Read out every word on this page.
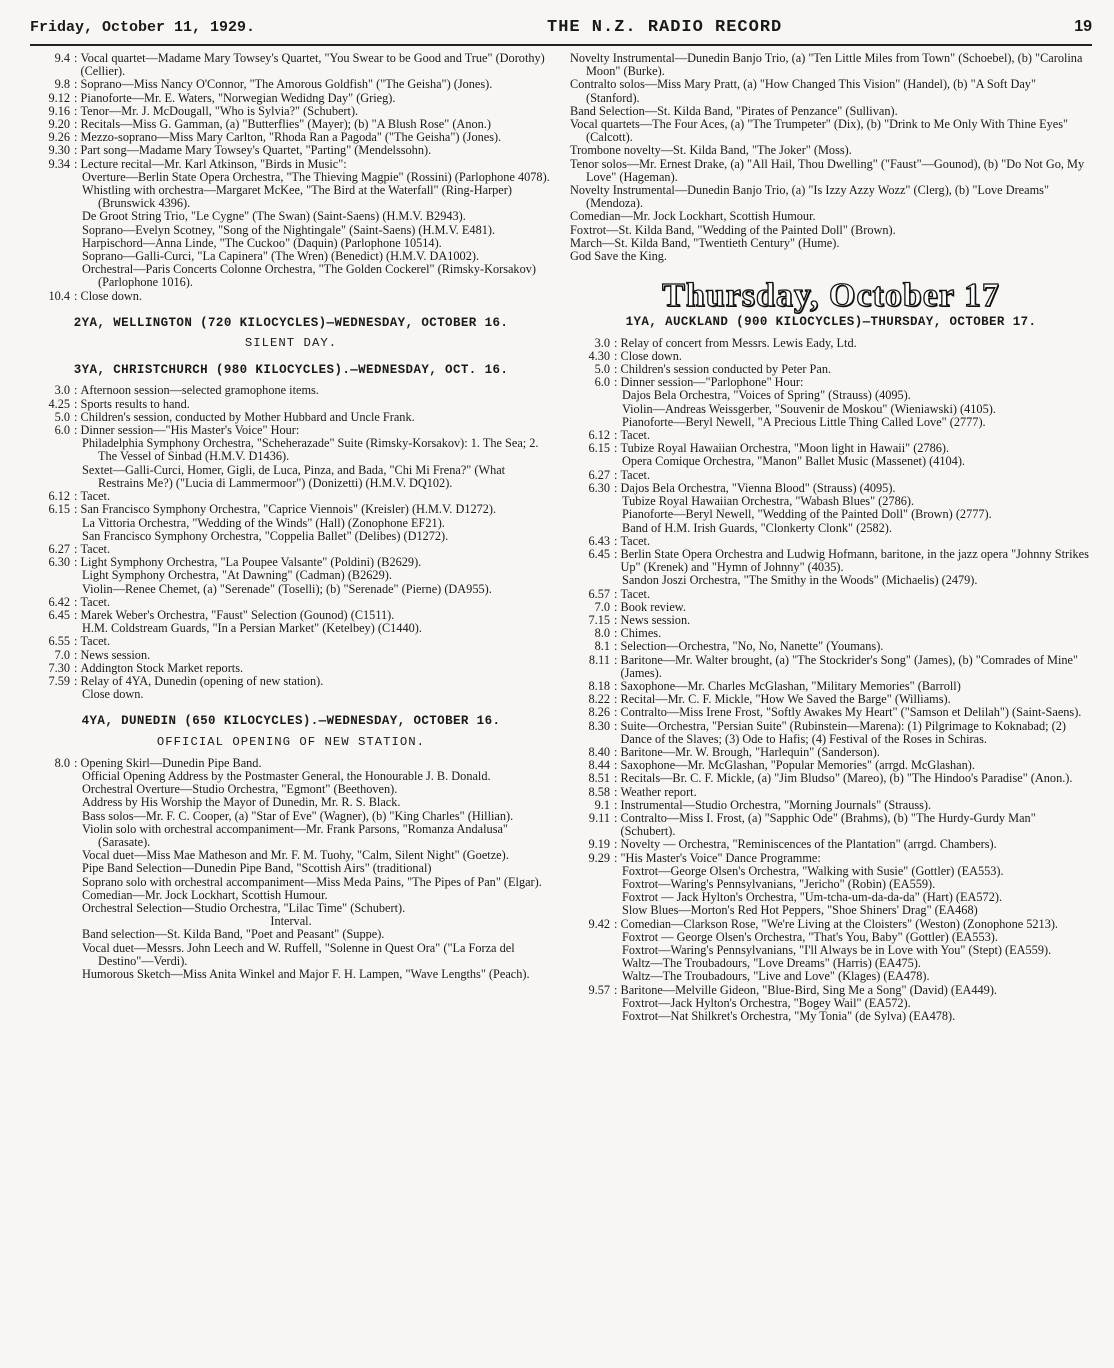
Friday, October 11, 1929.	THE N.Z. RADIO RECORD	19
9.4 : Vocal quartet—Madame Mary Towsey's Quartet, "You Swear to be Good and True" (Dorothy) (Cellier).
9.8 : Soprano—Miss Nancy O'Connor, "The Amorous Goldfish" ("The Geisha") (Jones).
9.12 : Pianoforte—Mr. E. Waters, "Norwegian Wedidng Day" (Grieg).
9.16 : Tenor—Mr. J. McDougall, "Who is Sylvia?" (Schubert).
9.20 : Recitals—Miss G. Gamman, (a) "Butterflies" (Mayer); (b) "A Blush Rose" (Anon.)
9.26 : Mezzo-soprano—Miss Mary Carlton, "Rhoda Ran a Pagoda" ("The Geisha") (Jones).
9.30 : Part song—Madame Mary Towsey's Quartet, "Parting" (Mendelssohn).
9.34 : Lecture recital—Mr. Karl Atkinson, "Birds in Music":
Overture—Berlin State Opera Orchestra, "The Thieving Magpie" (Rossini) (Parlophone 4078).
Whistling with orchestra—Margaret McKee, "The Bird at the Waterfall" (Ring-Harper) (Brunswick 4396).
De Groot String Trio, "Le Cygne" (The Swan) (Saint-Saens) (H.M.V. B2943).
Soprano—Evelyn Scotney, "Song of the Nightingale" (Saint-Saens) (H.M.V. E481).
Harpischord—Anna Linde, "The Cuckoo" (Daquin) (Parlophone 10514).
Soprano—Galli-Curci, "La Capinera" (The Wren) (Benedict) (H.M.V. DA1002).
Orchestral—Paris Concerts Colonne Orchestra, "The Golden Cockerel" (Rimsky-Korsakov) (Parlophone 1016).
10.4 : Close down.
2YA, WELLINGTON (720 KILOCYCLES)—WEDNESDAY, OCTOBER 16.
SILENT DAY.
3YA, CHRISTCHURCH (980 KILOCYCLES).—WEDNESDAY, OCT. 16.
3.0 : Afternoon session—selected gramophone items.
4.25 : Sports results to hand.
5.0 : Children's session, conducted by Mother Hubbard and Uncle Frank.
6.0 : Dinner session—"His Master's Voice" Hour:
Philadelphia Symphony Orchestra, "Scheherazade" Suite (Rimsky-Korsakov): 1. The Sea; 2. The Vessel of Sinbad (H.M.V. D1436).
Sextet—Galli-Curci, Homer, Gigli, de Luca, Pinza, and Bada, "Chi Mi Frena?" (What Restrains Me?) ("Lucia di Lammermoor") (Donizetti) (H.M.V. DQ102).
6.12 : Tacet.
6.15 : San Francisco Symphony Orchestra, "Caprice Viennois" (Kreisler) (H.M.V. D1272).
La Vittoria Orchestra, "Wedding of the Winds" (Hall) (Zonophone EF21).
San Francisco Symphony Orchestra, "Coppelia Ballet" (Delibes) (D1272).
6.27 : Tacet.
6.30 : Light Symphony Orchestra, "La Poupee Valsante" (Poldini) (B2629).
Light Symphony Orchestra, "At Dawning" (Cadman) (B2629).
Violin—Renee Chemet, (a) "Serenade" (Toselli); (b) "Serenade" (Pierne) (DA955).
6.42 : Tacet.
6.45 : Marek Weber's Orchestra, "Faust" Selection (Gounod) (C1511).
H.M. Coldstream Guards, "In a Persian Market" (Ketelbey) (C1440).
6.55 : Tacet.
7.0 : News session.
7.30 : Addington Stock Market reports.
7.59 : Relay of 4YA, Dunedin (opening of new station).
Close down.
4YA, DUNEDIN (650 KILOCYCLES).—WEDNESDAY, OCTOBER 16.
OFFICIAL OPENING OF NEW STATION.
8.0 : Opening Skirl—Dunedin Pipe Band.
Official Opening Address by the Postmaster General, the Honourable J. B. Donald.
Orchestral Overture—Studio Orchestra, "Egmont" (Beethoven).
Address by His Worship the Mayor of Dunedin, Mr. R. S. Black.
Bass solos—Mr. F. C. Cooper, (a) "Star of Eve" (Wagner), (b) "King Charles" (Hillian).
Violin solo with orchestral accompaniment—Mr. Frank Parsons, "Romanza Andalusa" (Sarasate).
Vocal duet—Miss Mae Matheson and Mr. F. M. Tuohy, "Calm, Silent Night" (Goetze).
Pipe Band Selection—Dunedin Pipe Band, "Scottish Airs" (traditional)
Soprano solo with orchestral accompaniment—Miss Meda Pains, "The Pipes of Pan" (Elgar).
Comedian—Mr. Jock Lockhart, Scottish Humour.
Orchestral Selection—Studio Orchestra, "Lilac Time" (Schubert).
Interval.
Band selection—St. Kilda Band, "Poet and Peasant" (Suppe).
Vocal duet—Messrs. John Leech and W. Ruffell, "Solenne in Quest Ora" ("La Forza del Destino"—Verdi).
Humorous Sketch—Miss Anita Winkel and Major F. H. Lampen, "Wave Lengths" (Peach).
Novelty Instrumental—Dunedin Banjo Trio, (a) "Ten Little Miles from Town" (Schoebel), (b) "Carolina Moon" (Burke).
Contralto solos—Miss Mary Pratt, (a) "How Changed This Vision" (Handel), (b) "A Soft Day" (Stanford).
Band Selection—St. Kilda Band, "Pirates of Penzance" (Sullivan).
Vocal quartets—The Four Aces, (a) "The Trumpeter" (Dix), (b) "Drink to Me Only With Thine Eyes" (Calcott).
Trombone novelty—St. Kilda Band, "The Joker" (Moss).
Tenor solos—Mr. Ernest Drake, (a) "All Hail, Thou Dwelling" ("Faust"—Gounod), (b) "Do Not Go, My Love" (Hageman).
Novelty Instrumental—Dunedin Banjo Trio, (a) "Is Izzy Azzy Wozz" (Clerg), (b) "Love Dreams" (Mendoza).
Comedian—Mr. Jock Lockhart, Scottish Humour.
Foxtrot—St. Kilda Band, "Wedding of the Painted Doll" (Brown).
March—St. Kilda Band, "Twentieth Century" (Hume).
God Save the King.
Thursday, October 17
1YA, AUCKLAND (900 KILOCYCLES)—THURSDAY, OCTOBER 17.
3.0 : Relay of concert from Messrs. Lewis Eady, Ltd.
4.30 : Close down.
5.0 : Children's session conducted by Peter Pan.
6.0 : Dinner session—"Parlophone" Hour:
Dajos Bela Orchestra, "Voices of Spring" (Strauss) (4095).
Violin—Andreas Weissgerber, "Souvenir de Moskou" (Wieniawski) (4105).
Pianoforte—Beryl Newell, "A Precious Little Thing Called Love" (2777).
6.12 : Tacet.
6.15 : Tubize Royal Hawaiian Orchestra, "Moon light in Hawaii" (2786).
Opera Comique Orchestra, "Manon" Ballet Music (Massenet) (4104).
6.27 : Tacet.
6.30 : Dajos Bela Orchestra, "Vienna Blood" (Strauss) (4095).
Tubize Royal Hawaiian Orchestra, "Wabash Blues" (2786).
Pianoforte—Beryl Newell, "Wedding of the Painted Doll" (Brown) (2777).
Band of H.M. Irish Guards, "Clonkerty Clonk" (2582).
6.43 : Tacet.
6.45 : Berlin State Opera Orchestra and Ludwig Hofmann, baritone, in the jazz opera "Johnny Strikes Up" (Krenek) and "Hymn of Johnny" (4035).
Sandon Joszi Orchestra, "The Smithy in the Woods" (Michaelis) (2479).
6.57 : Tacet.
7.0 : Book review.
7.15 : News session.
8.0 : Chimes.
8.1 : Selection—Orchestra, "No, No, Nanette" (Youmans).
8.11 : Baritone—Mr. Walter brought, (a) "The Stockrider's Song" (James), (b) "Comrades of Mine" (James).
8.18 : Saxophone—Mr. Charles McGlashan, "Military Memories" (Barroll)
8.22 : Recital—Mr. C. F. Mickle, "How We Saved the Barge" (Williams).
8.26 : Contralto—Miss Irene Frost, "Softly Awakes My Heart" ("Samson et Delilah") (Saint-Saens).
8.30 : Suite—Orchestra, "Persian Suite" (Rubinstein—Marena): (1) Pilgrimage to Koknabad; (2) Dance of the Slaves; (3) Ode to Hafis; (4) Festival of the Roses in Schiras.
8.40 : Baritone—Mr. W. Brough, "Harlequin" (Sanderson).
8.44 : Saxophone—Mr. McGlashan, "Popular Memories" (arrgd. McGlashan).
8.51 : Recitals—Br. C. F. Mickle, (a) "Jim Bludso" (Mareo), (b) "The Hindoo's Paradise" (Anon.).
8.58 : Weather report.
9.1 : Instrumental—Studio Orchestra, "Morning Journals" (Strauss).
9.11 : Contralto—Miss I. Frost, (a) "Sapphic Ode" (Brahms), (b) "The Hurdy-Gurdy Man" (Schubert).
9.19 : Novelty — Orchestra, "Reminiscences of the Plantation" (arrgd. Chambers).
9.29 : "His Master's Voice" Dance Programme:
Foxtrot—George Olsen's Orchestra, "Walking with Susie" (Gottler) (EA553).
Foxtrot—Waring's Pennsylvanians, "Jericho" (Robin) (EA559).
Foxtrot — Jack Hylton's Orchestra, "Um-tcha-um-da-da-da" (Hart) (EA572).
Slow Blues—Morton's Red Hot Peppers, "Shoe Shiners' Drag" (EA468)
9.42 : Comedian—Clarkson Rose, "We're Living at the Cloisters" (Weston) (Zonophone 5213).
Foxtrot — George Olsen's Orchestra, "That's You, Baby" (Gottler) (EA553).
Foxtrot—Waring's Pennsylvanians, "I'll Always be in Love with You" (Stept) (EA559).
Waltz—The Troubadours, "Love Dreams" (Harris) (EA475).
Waltz—The Troubadours, "Live and Love" (Klages) (EA478).
9.57 : Baritone—Melville Gideon, "Blue-Bird, Sing Me a Song" (David) (EA449).
Foxtrot—Jack Hylton's Orchestra, "Bogey Wail" (EA572).
Foxtrot—Nat Shilkret's Orchestra, "My Tonia" (de Sylva) (EA478).
